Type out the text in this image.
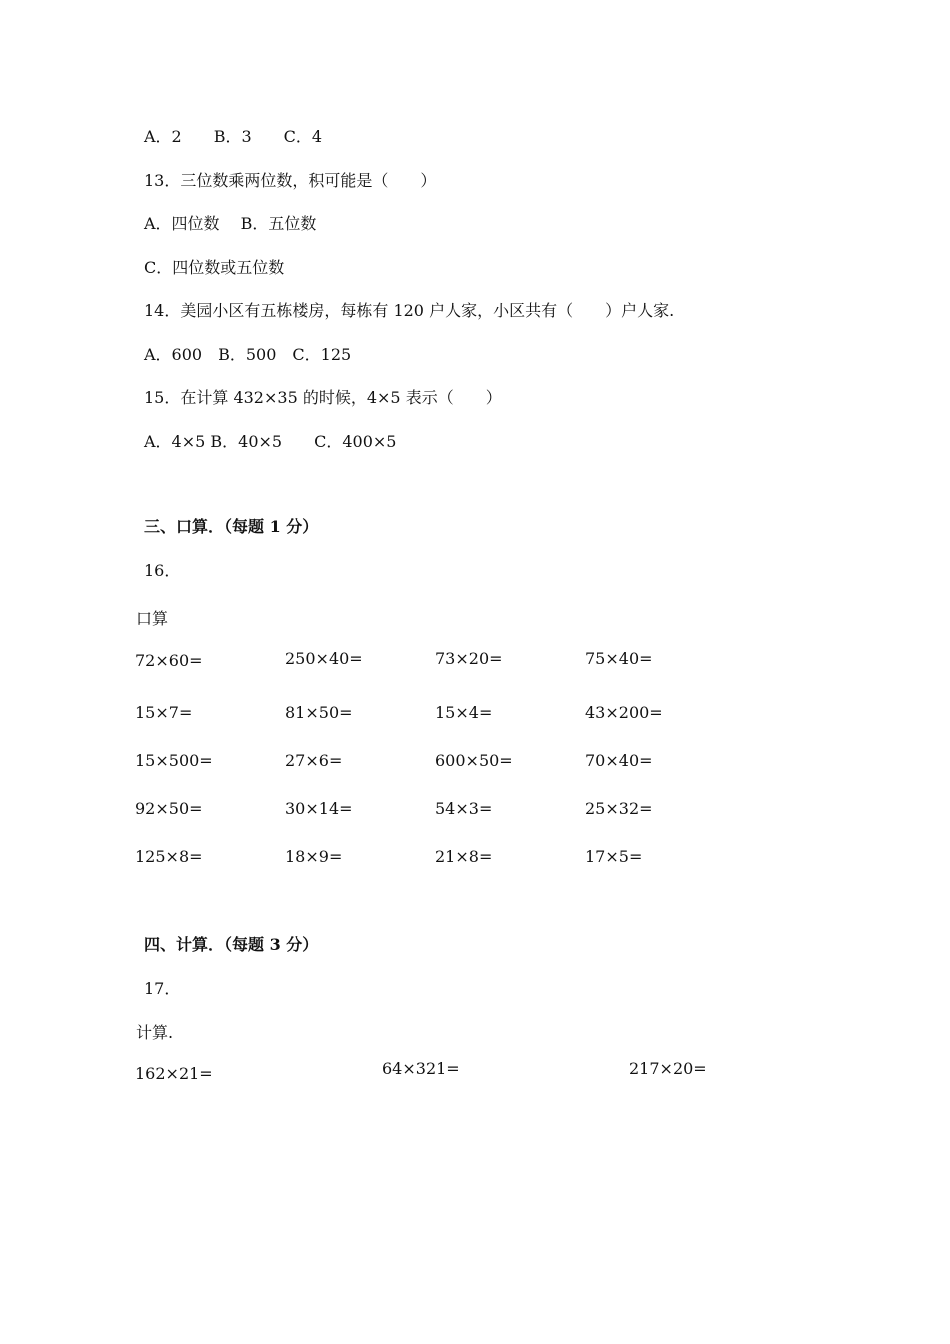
A．2　　B．3　　C．4
13．三位数乘两位数，积可能是（　　）
A．四位数　 B．五位数
C．四位数或五位数
14．美园小区有五栋楼房，每栋有 120 户人家，小区共有（　　）户人家.
A．600　B．500　C．125
15．在计算 432×35 的时候，4×5 表示（　　）
A．4×5 B．40×5　　C．400×5
三、口算．（每题 1 分）
16．
口算
72×60=	250×40=	73×20=	75×40=
15×7=	81×50=	15×4=	43×200=
15×500=	27×6=	600×50=	70×40=
92×50=	30×14=	54×3=	25×32=
125×8=	18×9=	21×8=	17×5=
四、计算．（每题 3 分）
17．
计算.
162×21=	64×321=	217×20=
